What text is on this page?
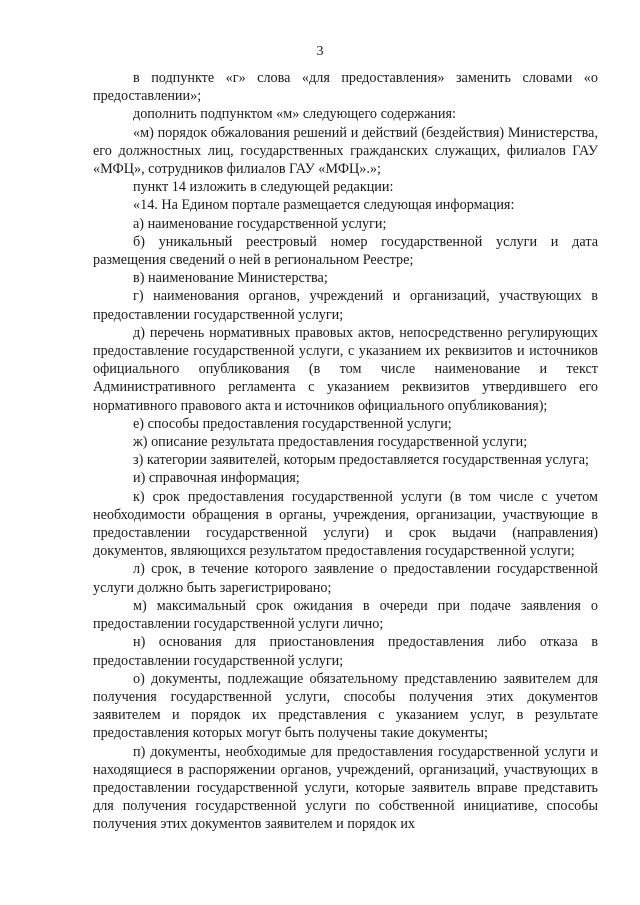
3

в подпункте «г» слова «для предоставления» заменить словами «о предоставлении»;

дополнить подпунктом «м» следующего содержания:

«м) порядок обжалования решений и действий (бездействия) Министерства, его должностных лиц, государственных гражданских служащих, филиалов ГАУ «МФЦ», сотрудников филиалов ГАУ «МФЦ».»;

пункт 14 изложить в следующей редакции:

«14. На Едином портале размещается следующая информация:

а) наименование государственной услуги;

б) уникальный реестровый номер государственной услуги и дата размещения сведений о ней в региональном Реестре;

в) наименование Министерства;

г) наименования органов, учреждений и организаций, участвующих в предоставлении государственной услуги;

д) перечень нормативных правовых актов, непосредственно регулирующих предоставление государственной услуги, с указанием их реквизитов и источников официального опубликования (в том числе наименование и текст Административного регламента с указанием реквизитов утвердившего его нормативного правового акта и источников официального опубликования);

е) способы предоставления государственной услуги;

ж) описание результата предоставления государственной услуги;

з) категории заявителей, которым предоставляется государственная услуга;

и) справочная информация;

к) срок предоставления государственной услуги (в том числе с учетом необходимости обращения в органы, учреждения, организации, участвующие в предоставлении государственной услуги) и срок выдачи (направления) документов, являющихся результатом предоставления государственной услуги;

л) срок, в течение которого заявление о предоставлении государственной услуги должно быть зарегистрировано;

м) максимальный срок ожидания в очереди при подаче заявления о предоставлении государственной услуги лично;

н) основания для приостановления предоставления либо отказа в предоставлении государственной услуги;

о) документы, подлежащие обязательному представлению заявителем для получения государственной услуги, способы получения этих документов заявителем и порядок их представления с указанием услуг, в результате предоставления которых могут быть получены такие документы;

п) документы, необходимые для предоставления государственной услуги и находящиеся в распоряжении органов, учреждений, организаций, участвующих в предоставлении государственной услуги, которые заявитель вправе представить для получения государственной услуги по собственной инициативе, способы получения этих документов заявителем и порядок их
